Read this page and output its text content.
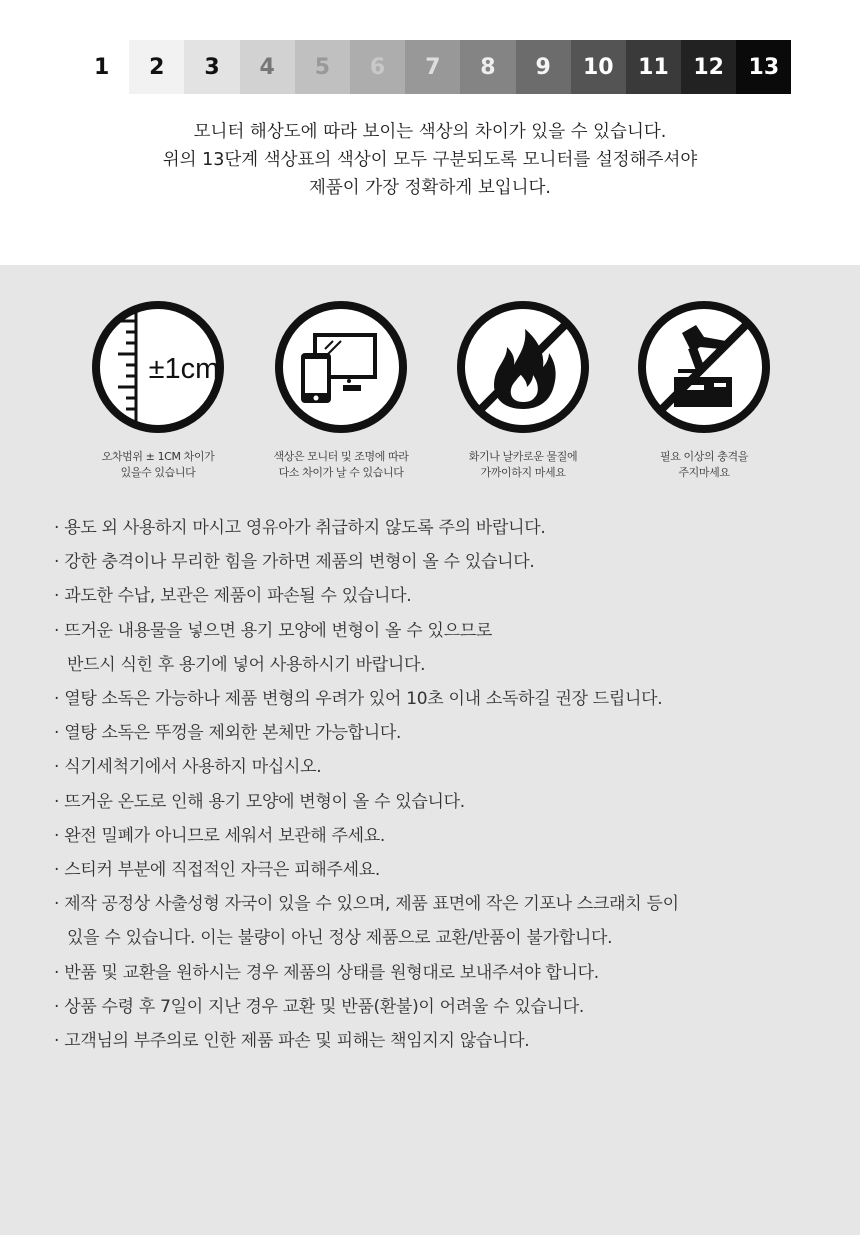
1	2	3	4	5	6	7	8	9	10	11	12	13
모니터 해상도에 따라 보이는 색상의 차이가 있을 수 있습니다.
위의 13단계 색상표의 색상이 모두 구분되도록 모니터를 설정해주셔야
제품이 가장 정확하게 보입니다.
±1cm
오차범위 ± 1CM 차이가
있을수 있습니다
색상은 모니터 및 조명에 따라
다소 차이가 날 수 있습니다
화기나 날카로운 물질에
가까이하지 마세요
필요 이상의 충격을
주지마세요
· 용도 외 사용하지 마시고 영유아가 취급하지 않도록 주의 바랍니다.
· 강한 충격이나 무리한 힘을 가하면 제품의 변형이 올 수 있습니다.
· 과도한 수납, 보관은 제품이 파손될 수 있습니다.
· 뜨거운 내용물을 넣으면 용기 모양에 변형이 올 수 있으므로
반드시 식힌 후 용기에 넣어 사용하시기 바랍니다.
· 열탕 소독은 가능하나 제품 변형의 우려가 있어 10초 이내 소독하길 권장 드립니다.
· 열탕 소독은 뚜껑을 제외한 본체만 가능합니다.
· 식기세척기에서 사용하지 마십시오.
· 뜨거운 온도로 인해 용기 모양에 변형이 올 수 있습니다.
· 완전 밀폐가 아니므로 세워서 보관해 주세요.
· 스티커 부분에 직접적인 자극은 피해주세요.
· 제작 공정상 사출성형 자국이 있을 수 있으며, 제품 표면에 작은 기포나 스크래치 등이
있을 수 있습니다. 이는 불량이 아닌 정상 제품으로 교환/반품이 불가합니다.
· 반품 및 교환을 원하시는 경우 제품의 상태를 원형대로 보내주셔야 합니다.
· 상품 수령 후 7일이 지난 경우 교환 및 반품(환불)이 어려울 수 있습니다.
· 고객님의 부주의로 인한 제품 파손 및 피해는 책임지지 않습니다.
